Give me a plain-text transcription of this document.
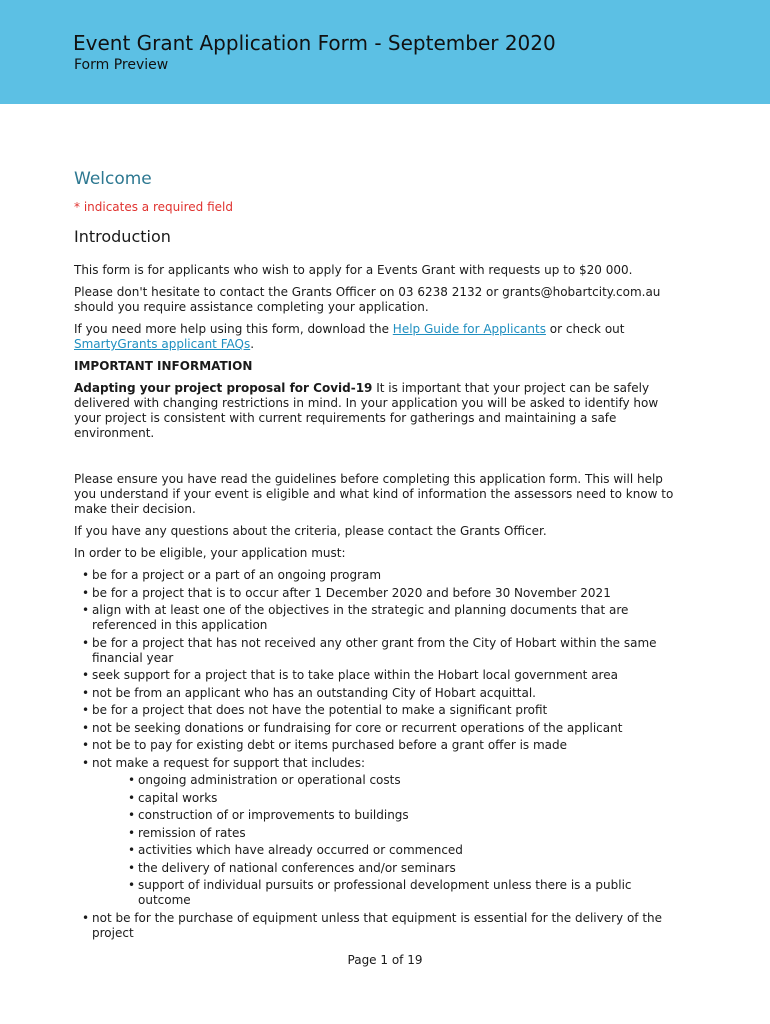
Event Grant Application Form - September 2020
Form Preview
Welcome
* indicates a required field
Introduction

This form is for applicants who wish to apply for a Events Grant with requests up to $20 000.

Please don't hesitate to contact the Grants Officer on 03 6238 2132 or grants@hobartcity.com.au should you require assistance completing your application.

If you need more help using this form, download the Help Guide for Applicants or check out SmartyGrants applicant FAQs.

IMPORTANT INFORMATION

Adapting your project proposal for Covid-19 It is important that your project can be safely delivered with changing restrictions in mind. In your application you will be asked to identify how your project is consistent with current requirements for gatherings and maintaining a safe environment.

Please ensure you have read the guidelines before completing this application form. This will help you understand if your event is eligible and what kind of information the assessors need to know to make their decision.

If you have any questions about the criteria, please contact the Grants Officer.

In order to be eligible, your application must:

• be for a project or a part of an ongoing program
• be for a project that is to occur after 1 December 2020 and before 30 November 2021
• align with at least one of the objectives in the strategic and planning documents that are referenced in this application
• be for a project that has not received any other grant from the City of Hobart within the same financial year
• seek support for a project that is to take place within the Hobart local government area
• not be from an applicant who has an outstanding City of Hobart acquittal.
• be for a project that does not have the potential to make a significant profit
• not be seeking donations or fundraising for core or recurrent operations of the applicant
• not be to pay for existing debt or items purchased before a grant offer is made
• not make a request for support that includes:
• ongoing administration or operational costs
• capital works
• construction of or improvements to buildings
• remission of rates
• activities which have already occurred or commenced
• the delivery of national conferences and/or seminars
• support of individual pursuits or professional development unless there is a public outcome
• not be for the purchase of equipment unless that equipment is essential for the delivery of the project
Page 1 of 19
